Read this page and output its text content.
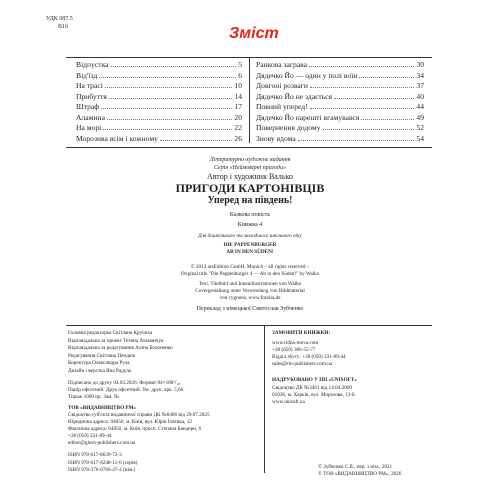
УДК 087.5
В16	Зміст
Відпустка	5
Від'їзд	6
На трасі	10
Прибуття	14
Штраф	17
Аламина	20
На морі	22
Морозива всім і кожному	26
Ранкова заграва	30
Дядечко Йо — один у полі воїн	34
Довгоні розваги	37
Дядечко Йо не здається	40
Повний уперед!	44
Дядечко Йо нарешті вгамувався	49
Повернення додому	52
Знову вдома	54
Літературно-художнє видання
Серія «Неймовірні пригоди»
Автор і художник Валько
ПРИГОДИ КАРТОНІВЦІВ
Уперед на південь!
Казкова повість
Книжка 4
Для дошкільного та молодшого шкільного віку
DIE PAPPENBURGER
AB IN DEN SÜDEN!
© 2012 arsEdition GmbH, Munich – all rights reserved –
Original title "Die Pappenburger 4 — Ab in den Süden!" by Walko
Text, Titelbild und Innenillustrationen von Walko
Covergestaltung unter Verwendung von Bildmaterial
von cygnons, www.fotolia.de
Переклад з німецької Святослав Зубченко
Головна редакторка Світлана Кручиха
Відповідальна за проект Тетяна Атаманчук
Відповідальна за редагування Аліна Болоненко
Редагування Світлана Пендюк
Коректура Олександра Рула
Дизайн і верстка Яна Радула
Підписано до друку 04.03.2026. Формат 84×108¹/₁₆.
Папір офсетний. Друк офсетний. Ум. друк. арк. 5,66.
Тираж 1000 пр. Зам. №
ТОВ «ВИДАВНИЦТВО РМ»
Свідоцтво суб'єкта видавничої справи ДК №8406 від 29.07.2025
Юридична адреса: 04050, м. Київ, вул. Юрія Іллєнка, 12
Фактична адреса: 04050, м. Київ, просп. Степана Бандери, 6
+38 (050) 331-89-44
editor@glorn-publishers.com.ua
ISBN 978-617-8639-72-3
ISBN 978-617-8248-11-6 (серія)
ISBN 978-376-0766-47-4 (нім.)
ЗАМОВИТИ КНИЖКИ:
www.ridna-mova.com
+38 (050) 386-55-77
Відділ збуту: +38 (050) 331-89-44
sales@rm-publishers.com.ua
НАДРУКОВАНО У ПП «UNISOFT»
Свідоцтво ДК №3461 від 14.04.2009
61036, м. Харків, вул. Морозова, 13-Б
www.unisoft.ua
© Зубченко С.В., пер. з нім., 2021
© ТОВ «ВИДАВНИЦТВО РМ», 2026
